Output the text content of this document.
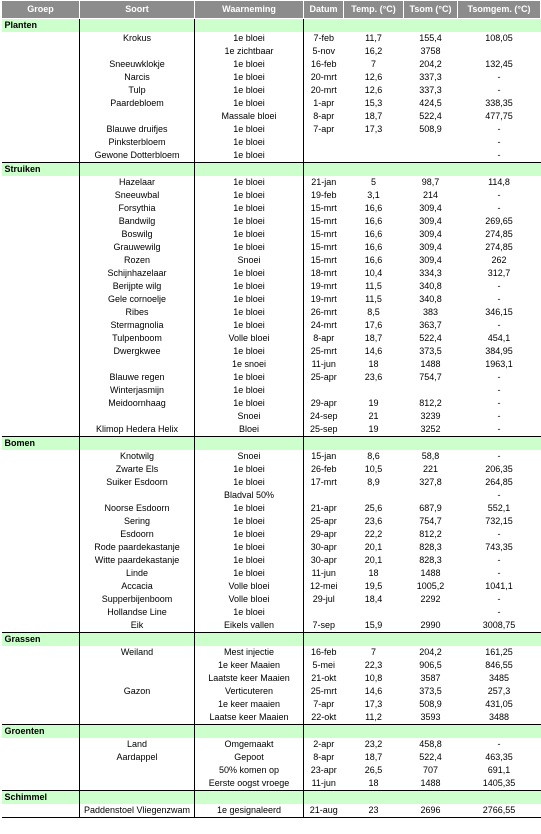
Groep	Soort	Waarneming	Datum	Temp. (°C)	Tsom (°C)	Tsomgem. (°C)
Planten						
	Krokus	1e bloei	7-feb	11,7	155,4	108,05
		1e zichtbaar	5-nov	16,2	3758	
	Sneeuwklokje	1e bloei	16-feb	7	204,2	132,45
	Narcis	1e bloei	20-mrt	12,6	337,3	-
	Tulp	1e bloei	20-mrt	12,6	337,3	-
	Paardebloem	1e bloei	1-apr	15,3	424,5	338,35
		Massale bloei	8-apr	18,7	522,4	477,75
	Blauwe druifjes	1e bloei	7-apr	17,3	508,9	-
	Pinksterbloem	1e bloei				-
	Gewone Dotterbloem	1e bloei				-
Struiken						
	Hazelaar	1e bloei	21-jan	5	98,7	114,8
	Sneeuwbal	1e bloei	19-feb	3,1	214	-
	Forsythia	1e bloei	15-mrt	16,6	309,4	-
	Bandwilg	1e bloei	15-mrt	16,6	309,4	269,65
	Boswilg	1e bloei	15-mrt	16,6	309,4	274,85
	Grauwewilg	1e bloei	15-mrt	16,6	309,4	274,85
	Rozen	Snoei	15-mrt	16,6	309,4	262
	Schijnhazelaar	1e bloei	18-mrt	10,4	334,3	312,7
	Berijpte wilg	1e bloei	19-mrt	11,5	340,8	-
	Gele cornoelje	1e bloei	19-mrt	11,5	340,8	-
	Ribes	1e bloei	26-mrt	8,5	383	346,15
	Stermagnolia	1e bloei	24-mrt	17,6	363,7	-
	Tulpenboom	Volle bloei	8-apr	18,7	522,4	454,1
	Dwergkwee	1e bloei	25-mrt	14,6	373,5	384,95
		1e snoei	11-jun	18	1488	1963,1
	Blauwe regen	1e bloei	25-apr	23,6	754,7	-
	Winterjasmijn	1e bloei				-
	Meidoornhaag	1e bloei	29-apr	19	812,2	-
		Snoei	24-sep	21	3239	-
	Klimop Hedera Helix	Bloei	25-sep	19	3252	-
Bomen						
	Knotwilg	Snoei	15-jan	8,6	58,8	-
	Zwarte Els	1e bloei	26-feb	10,5	221	206,35
	Suiker Esdoorn	1e bloei	17-mrt	8,9	327,8	264,85
		Bladval 50%				-
	Noorse Esdoorn	1e bloei	21-apr	25,6	687,9	552,1
	Sering	1e bloei	25-apr	23,6	754,7	732,15
	Esdoorn	1e bloei	29-apr	22,2	812,2	-
	Rode paardekastanje	1e bloei	30-apr	20,1	828,3	743,35
	Witte paardekastanje	1e bloei	30-apr	20,1	828,3	-
	Linde	1e bloei	11-jun	18	1488	-
	Accacia	Volle bloei	12-mei	19,5	1005,2	1041,1
	Supperbijenboom	Volle bloei	29-jul	18,4	2292	-
	Hollandse Line	1e bloei				-
	Eik	Eikels vallen	7-sep	15,9	2990	3008,75
Grassen						
	Weiland	Mest injectie	16-feb	7	204,2	161,25
		1e keer Maaien	5-mei	22,3	906,5	846,55
		Laatste keer Maaien	21-okt	10,8	3587	3485
	Gazon	Verticuteren	25-mrt	14,6	373,5	257,3
		1e keer maaien	7-apr	17,3	508,9	431,05
		Laatse keer Maaien	22-okt	11,2	3593	3488
Groenten						
	Land	Omgemaakt	2-apr	23,2	458,8	-
	Aardappel	Gepoot	8-apr	18,7	522,4	463,35
		50% komen op	23-apr	26,5	707	691,1
		Eerste oogst vroege	11-jun	18	1488	1405,35
Schimmel						
	Paddenstoel Vliegenzwam	1e gesignaleerd	21-aug	23	2696	2766,55
